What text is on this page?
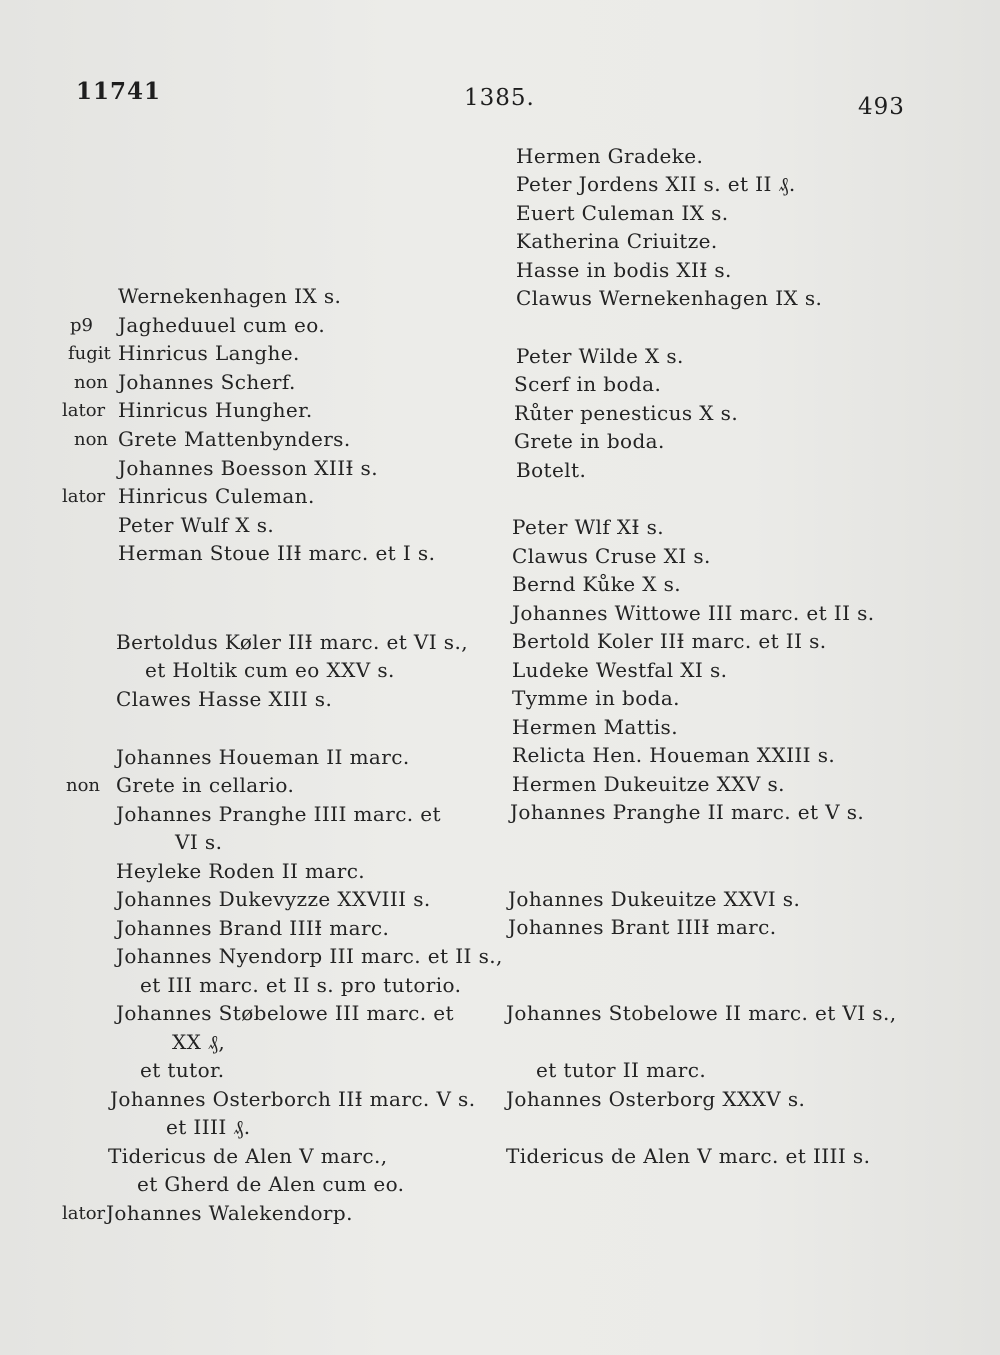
11741	1385.	493
Wernekenhagen IX s.
p9 Jagheduuel cum eo.
fugit Hinricus Langhe.
non Johannes Scherf.
lator Hinricus Hungher.
non Grete Mattenbynders.
Johannes Boesson XIIƗ s.
lator Hinricus Culeman.
Peter Wulf X s.
Herman Stoue IIƗ marc. et I s.
Bertoldus Køler IIƗ marc. et VI s.,
et Holtik cum eo XXV s.
Clawes Hasse XIII s.
Johannes Houeman II marc.
non Grete in cellario.
Johannes Pranghe IIII marc. et
VI s.
Heyleke Roden II marc.
Johannes Dukevyzze XXVIII s.
Johannes Brand IIIƗ marc.
Johannes Nyendorp III marc. et II s.,
et III marc. et II s. pro tutorio.
Johannes Støbelowe III marc. et
XX ₰,
et tutor.
Johannes Osterborch IIƗ marc. V s.
et IIII ₰.
Tidericus de Alen V marc.,
et Gherd de Alen cum eo.
lator Johannes Walekendorp.
Hermen Gradeke.
Peter Jordens XII s. et II ₰.
Euert Culeman IX s.
Katherina Criuitze.
Hasse in bodis XIƗ s.
Clawus Wernekenhagen IX s.
Peter Wilde X s.
Scerf in boda.
Růter penesticus X s.
Grete in boda.
Botelt.
Peter Wlf XƗ s.
Clawus Cruse XI s.
Bernd Kůke X s.
Johannes Wittowe III marc. et II s.
Bertold Koler IIƗ marc. et II s.
Ludeke Westfal XI s.
Tymme in boda.
Hermen Mattis.
Relicta Hen. Houeman XXIII s.
Hermen Dukeuitze XXV s.
Johannes Pranghe II marc. et V s.
Johannes Dukeuitze XXVI s.
Johannes Brant IIIƗ marc.
Johannes Stobelowe II marc. et VI s.,
et tutor II marc.
Johannes Osterborg XXXV s.
Tidericus de Alen V marc. et IIII s.
